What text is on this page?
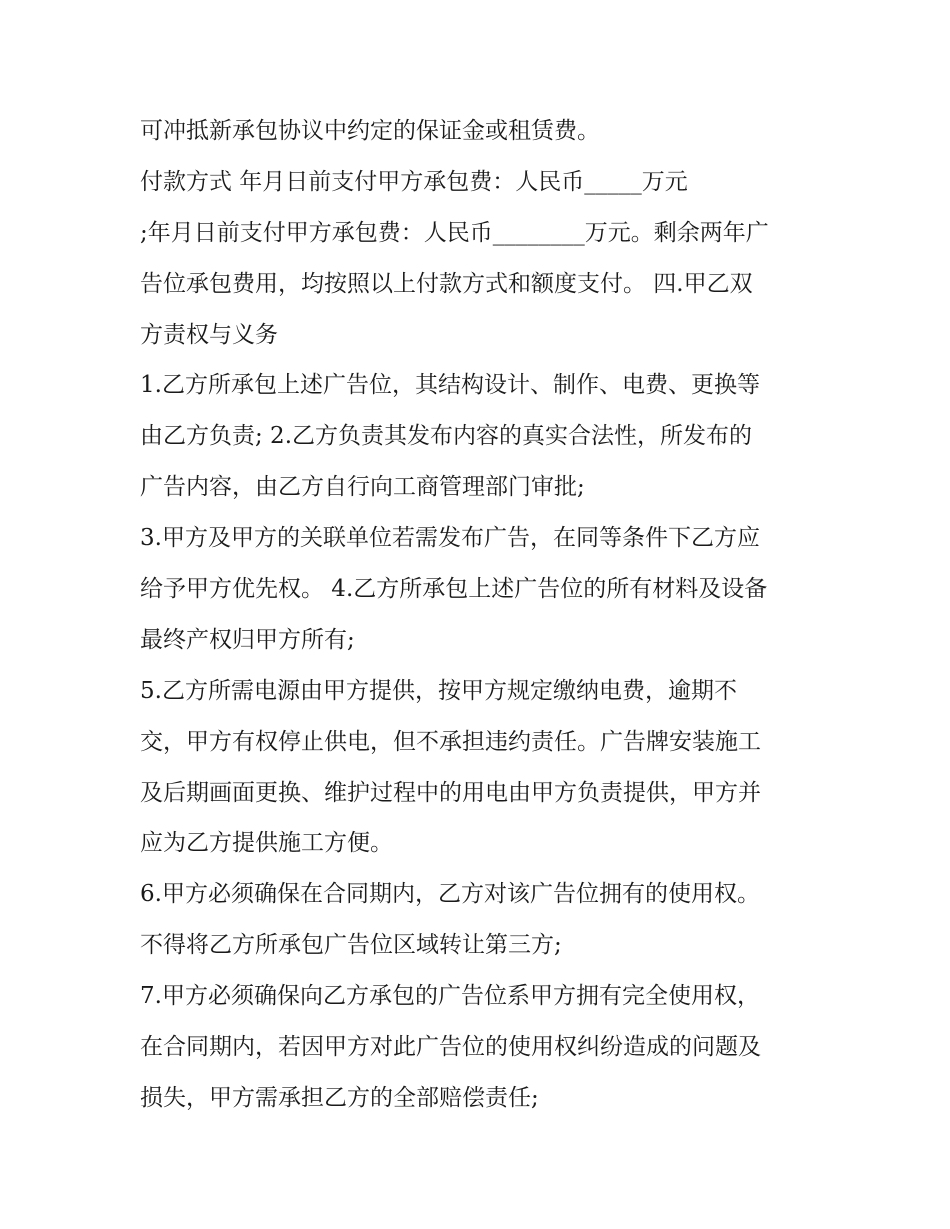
可冲抵新承包协议中约定的保证金或租赁费。
付款方式 年月日前支付甲方承包费：人民币_____万元
;年月日前支付甲方承包费：人民币________万元。剩余两年广
告位承包费用，均按照以上付款方式和额度支付。 四.甲乙双
方责权与义务
1.乙方所承包上述广告位，其结构设计、制作、电费、更换等
由乙方负责; 2.乙方负责其发布内容的真实合法性，所发布的
广告内容，由乙方自行向工商管理部门审批;
3.甲方及甲方的关联单位若需发布广告，在同等条件下乙方应
给予甲方优先权。 4.乙方所承包上述广告位的所有材料及设备
最终产权归甲方所有;
5.乙方所需电源由甲方提供，按甲方规定缴纳电费，逾期不
交，甲方有权停止供电，但不承担违约责任。广告牌安装施工
及后期画面更换、维护过程中的用电由甲方负责提供，甲方并
应为乙方提供施工方便。
6.甲方必须确保在合同期内，乙方对该广告位拥有的使用权。
不得将乙方所承包广告位区域转让第三方;
7.甲方必须确保向乙方承包的广告位系甲方拥有完全使用权，
在合同期内，若因甲方对此广告位的使用权纠纷造成的问题及
损失，甲方需承担乙方的全部赔偿责任;
